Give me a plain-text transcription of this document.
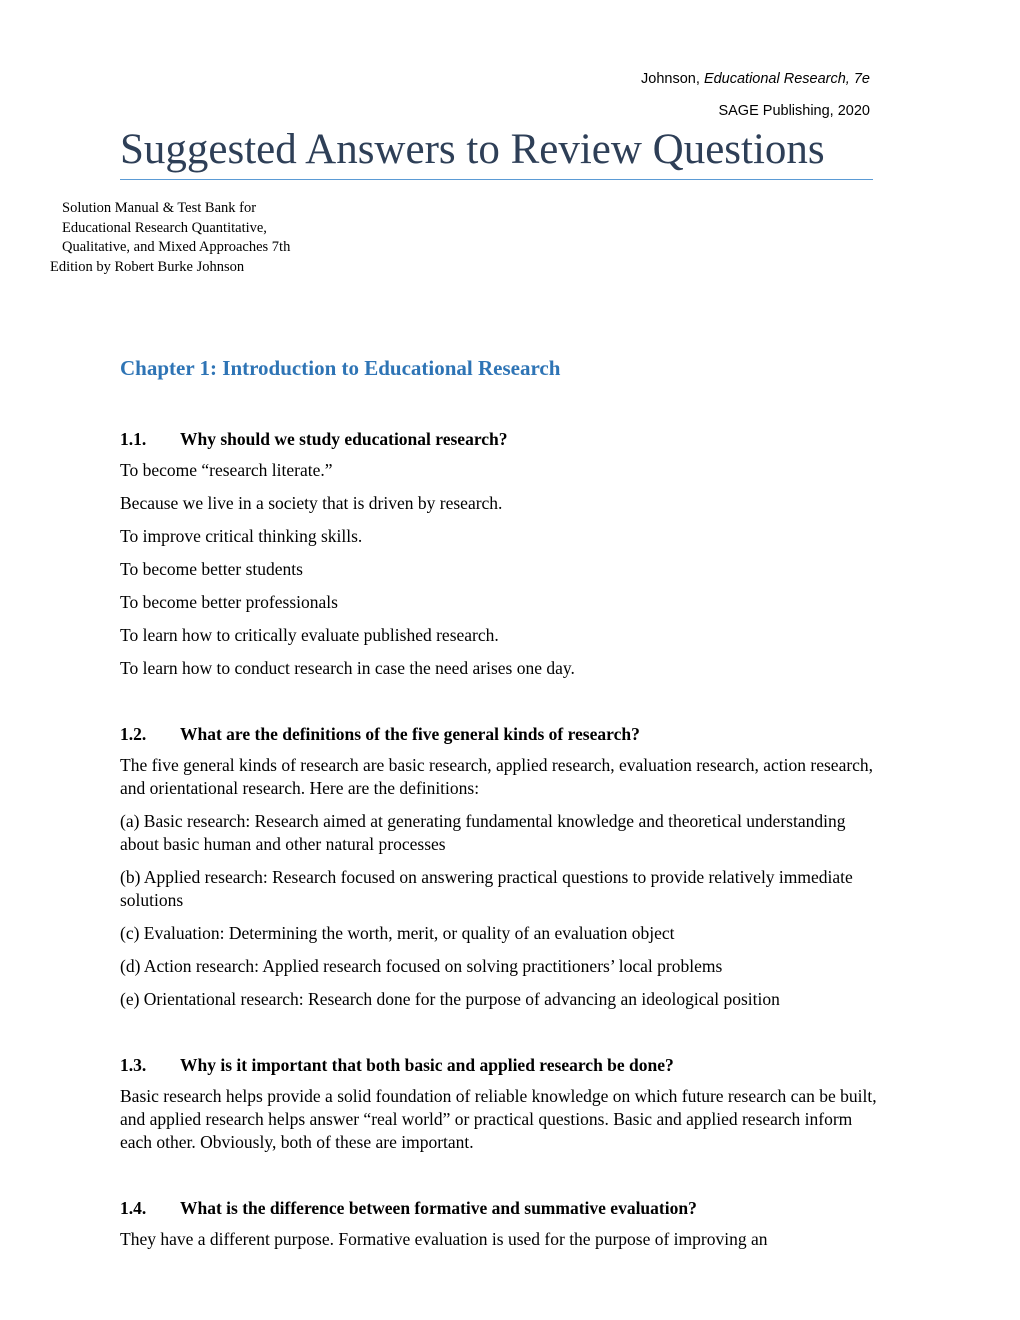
Johnson, Educational Research, 7e
SAGE Publishing, 2020
Suggested Answers to Review Questions
Solution Manual & Test Bank for
Educational Research Quantitative,
Qualitative, and Mixed Approaches 7th
Edition by Robert Burke Johnson
Chapter 1: Introduction to Educational Research
1.1.	Why should we study educational research?
To become “research literate.”
Because we live in a society that is driven by research.
To improve critical thinking skills.
To become better students
To become better professionals
To learn how to critically evaluate published research.
To learn how to conduct research in case the need arises one day.
1.2.	What are the definitions of the five general kinds of research?
The five general kinds of research are basic research, applied research, evaluation research, action research, and orientational research. Here are the definitions:
(a) Basic research: Research aimed at generating fundamental knowledge and theoretical understanding about basic human and other natural processes
(b) Applied research: Research focused on answering practical questions to provide relatively immediate solutions
(c) Evaluation: Determining the worth, merit, or quality of an evaluation object
(d) Action research: Applied research focused on solving practitioners’ local problems
(e) Orientational research: Research done for the purpose of advancing an ideological position
1.3.	Why is it important that both basic and applied research be done?
Basic research helps provide a solid foundation of reliable knowledge on which future research can be built, and applied research helps answer “real world” or practical questions. Basic and applied research inform each other. Obviously, both of these are important.
1.4.	What is the difference between formative and summative evaluation?
They have a different purpose. Formative evaluation is used for the purpose of improving an
